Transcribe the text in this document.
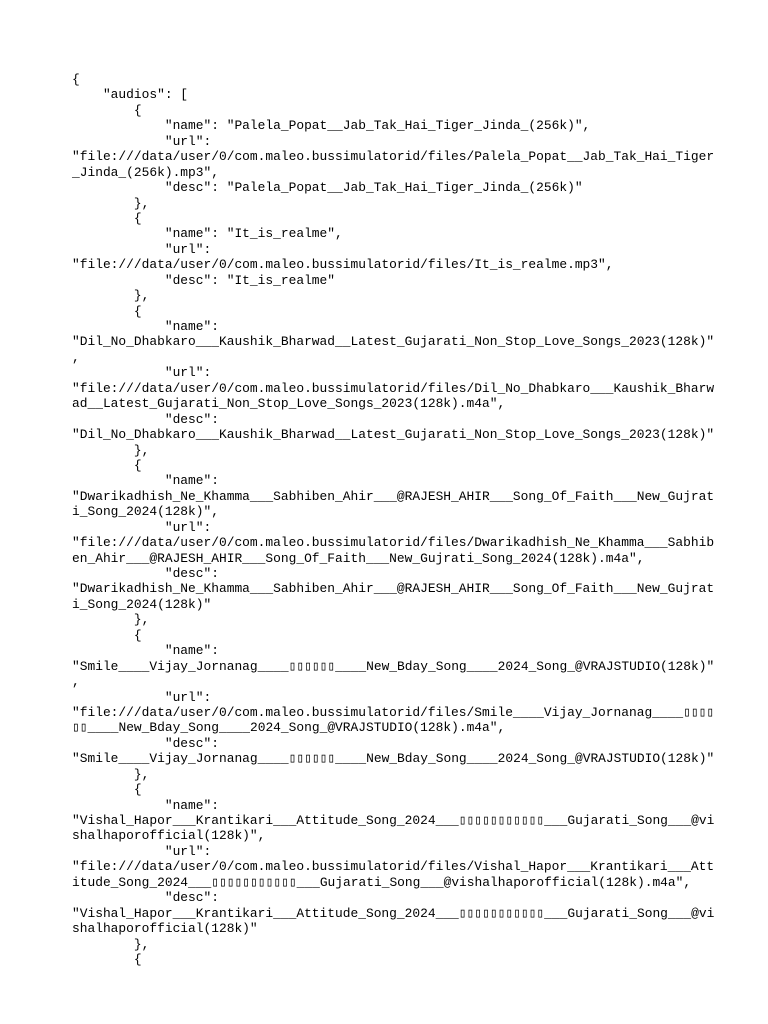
{
"audios": [
{
"name": "Palela_Popat__Jab_Tak_Hai_Tiger_Jinda_(256k)",
"url":
"file:///data/user/0/com.maleo.bussimulatorid/files/Palela_Popat__Jab_Tak_Hai_Tiger
_Jinda_(256k).mp3",
"desc": "Palela_Popat__Jab_Tak_Hai_Tiger_Jinda_(256k)"
},
{
"name": "It_is_realme",
"url":
"file:///data/user/0/com.maleo.bussimulatorid/files/It_is_realme.mp3",
"desc": "It_is_realme"
},
{
"name":
"Dil_No_Dhabkaro___Kaushik_Bharwad__Latest_Gujarati_Non_Stop_Love_Songs_2023(128k)"
,
"url":
"file:///data/user/0/com.maleo.bussimulatorid/files/Dil_No_Dhabkaro___Kaushik_Bharw
ad__Latest_Gujarati_Non_Stop_Love_Songs_2023(128k).m4a",
"desc":
"Dil_No_Dhabkaro___Kaushik_Bharwad__Latest_Gujarati_Non_Stop_Love_Songs_2023(128k)"
},
{
"name":
"Dwarikadhish_Ne_Khamma___Sabhiben_Ahir___@RAJESH_AHIR___Song_Of_Faith___New_Gujrat
i_Song_2024(128k)",
"url":
"file:///data/user/0/com.maleo.bussimulatorid/files/Dwarikadhish_Ne_Khamma___Sabhib
en_Ahir___@RAJESH_AHIR___Song_Of_Faith___New_Gujrati_Song_2024(128k).m4a",
"desc":
"Dwarikadhish_Ne_Khamma___Sabhiben_Ahir___@RAJESH_AHIR___Song_Of_Faith___New_Gujrat
i_Song_2024(128k)"
},
{
"name":
"Smile____Vijay_Jornanag____▯▯▯▯▯▯____New_Bday_Song____2024_Song_@VRAJSTUDIO(128k)"
,
"url":
"file:///data/user/0/com.maleo.bussimulatorid/files/Smile____Vijay_Jornanag____▯▯▯▯
▯▯____New_Bday_Song____2024_Song_@VRAJSTUDIO(128k).m4a",
"desc":
"Smile____Vijay_Jornanag____▯▯▯▯▯▯____New_Bday_Song____2024_Song_@VRAJSTUDIO(128k)"
},
{
"name":
"Vishal_Hapor___Krantikari___Attitude_Song_2024___▯▯▯▯▯▯▯▯▯▯▯___Gujarati_Song___@vi
shalhaporofficial(128k)",
"url":
"file:///data/user/0/com.maleo.bussimulatorid/files/Vishal_Hapor___Krantikari___Att
itude_Song_2024___▯▯▯▯▯▯▯▯▯▯▯___Gujarati_Song___@vishalhaporofficial(128k).m4a",
"desc":
"Vishal_Hapor___Krantikari___Attitude_Song_2024___▯▯▯▯▯▯▯▯▯▯▯___Gujarati_Song___@vi
shalhaporofficial(128k)"
},
{
